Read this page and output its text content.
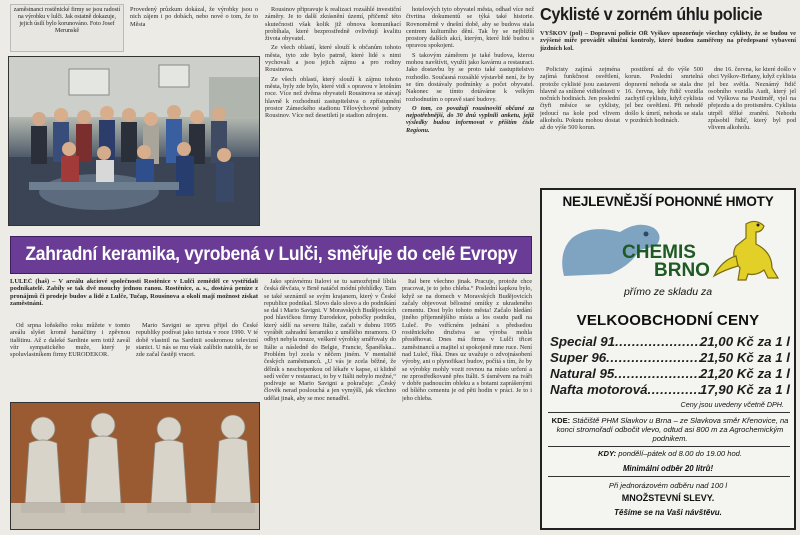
zaměstnanci rostěnické firmy se jsou radostí na výrobku v lulči. Jak ostatně dokazuje, jejich úsilí bylo korunováno. Foto Josef Merunskě
Provedený průzkum dokázal, že výrobky jsou o nich zájem i po dobách, nebo nové o tom, že to Města

Rousinov připravuje k realizaci rozsáhlé investiční záměry. Je to další zkrásnění území, přičemž této skutečnosti však kolik již obnova komunikací probíhala, které bezprostředně ovlivňují kvalitu života obyvatel.

Ze všech oblastí, které slouží k občanům tohoto města, tyto zde bylo patrně, které lidé s nimi vychovali a jsou jejich zájmu a pro rodiny Rousinova.

Ze všech oblastí, který slouží k zájmu tohoto města, byly zde bylo, které vidí s opravou v letošním roce. Více než dvěma obyvateli Rousinova se stávají hlavně k rozhodnutí zastupitelstva o zpřístupnění prostor Zámeckého stadionu Tělovýchovné jednoty Rousinov. Více než desetiletí je stadion zdrojem.

hotelových tyto obyvatel města, odhad více než čtvrtina dokumentů se týká také historie. Rovnoměrně v dnešní době, aby se budova stala centrem kulturního dění. Tak by se nejbližší prostory dalších akcí, kterým, které lidé budou s opravou spokojeni.

S takovým záměrem je také budova, kterou mohou navštívit, využít jako kavárnu a restauraci. Jako dostavbu by se proto také zastupitelstvo rozhodlo. Současná rozsáhlé výstavbě není, že by se tím dostávaly podmínky a počet obyvatel. Nakonec se tímto dotáváme k velkým rozhodnutím o opravě staré budovy.

O tom, co považují rousinovští občané za nejpotřebnější, do 30 dnů vyplnili anketu, jejíž výsledky budou informovat v příštím čísle Regionu.

Zahradní keramika, vyrobená v Lulči, směřuje do celé Evropy
LULEČ (haš) – V areálu akciové společnosti Rostěnice v Lulči zeměděl ce vystřídali podnikatelé. Zabíly se tak dvě mouchy jednou ranou. Rostěnice, a. s., dostává peníze z pronájmů či prodeje budov a lidé z Lulče, Tučap, Rousínova a okolí mají možnost získat zaměstnání.

Od srpna loňského roku můžete v tomto areálu slyšet kromě hanáčtiny i zpěvnou italštinu. Až z daleké Sardinie sem totiž zavál vítr sympatického muže, který je spoluvlastníkem firmy EURODEKOR.

Mario Savigni se zprvu přijel do České republiky podívat jako turista v roce 1990. V té době vlastnil na Sardinii soukromou televizní stanici. U nás se mu však zalíbilo natolik, že se zde začal častěji vracet.

Jako správnému Italovi se tu samozřejmě líbila česká děvčata, v Brně natáčel módní přehlídky. Tam se také seznámil se svým krajanem, který v České republice podnikal. Slovo dalo slovo a do podnikání se dal i Mario Savigni. V Moravských Budějovicích pod hlavičkou firmy Eurodekor, pobočky podniku, který sídlí na severu Itálie, začali v dubnu 1995 vyrábět zahradní keramiku z umělého mramoru. O odbyt nebyla nouze, veškeré výrobky směřovaly do Itálie a následně do Belgie, Francie, Španělska... Problém byl zcela v něčem jiném. V mentalitě českých zaměstnanců. „U vás je zcela běžné, že dělník s neschopenkou od lékaře v kapse, si klidně sedí večer v restauraci, to by v Itálii nebylo možné,“ podivuje se Mario Savigni a pokračuje: „Český člověk nerad poslouchá a jen vymýšlí, jak všechno udělat jinak, aby se moc nenadřel.

Ital bere všechno jinak. Pracuje, protože chce pracovat, je to jeho chleba.“ Poslední kapkou bylo, když se na domech v Moravských Budějovicích začaly objevovat bělostné omítky z ukradeného cementu. Dost bylo tohoto města! Začalo hledání jiného příjemnějšího místa a los osudu padl na Luleč. Po vstřícném jednání s předsedou rostěnického družstva se výroba mohla přestěhovat. Dnes má firma v Lulči třicet zaměstnanců a majitel si spokojeně mne ruce. Není nad Luleč, říká. Dnes uz uvažuje o zdvojnásobení výroby, ani o plynofikaci budov, počítá s tím, že by se výrobky mohly vozit rovnou na místo určení a ne zprostředkovaně přes Itálii. S úsměvem na tváři v dobře padnoucím obleku a s botami zaprášenými od bílého cementu je od pěti hodin v práci. Je to i jeho chleba.

Cyklisté v zorném úhlu policie
VYŠKOV (pol) – Dopravní policie OŘ Vyškov upozorňuje všechny cyklisty, že se budou ve zvýšené míře provádět silniční kontroly, které budou zaměřeny na předepsané vybavení jízdních kol.

Policisty zajímá zejména zajímá funkčnost osvětlení, protože cyklisté jsou zastaveni hlavně za snížené viditelnosti v nočních hodinách. Jen poslední čtyři měsíce se cyklisty, jedoucí na kole pod vlivem alkoholu. Pokutu mohou dostat až do výše 500 korun.

postižení až do výše 500 korun. Poslední smrtelná dopravní nehoda se stala dne 16. června, kdy řidič vozidla zachytil cyklistu, když cyklista jel bez osvětlení. Při nehodě došlo k úmrtí, nehoda se stala v pozdních hodinách.

dne 16. června, ke které došlo v obci Vyškov-Brňany, když cyklista jel bez světla. Neznámý řidič osobního vozidla Audi, který jel od Vyškova na Pustiměř, vjel na přejezdu a do protisměru. Cyklista utrpěl těžké zranění. Nehodu způsobil řidič, který byl pod vlivem alkoholu.

NEJLEVNĚJŠÍ POHONNÉ HMOTY
CHEMIS
BRNO
přímo ze skladu za
VELKOOBCHODNÍ CENY
Special 91 .....	21,00 Kč za 1 l
Super 96 .....	21,50 Kč za 1 l
Natural 95 .....	21,20 Kč za 1 l
Nafta motorová .....	17,90 Kč za 1 l
Ceny jsou uvedeny včetně DPH.
KDE: Stáčiště PHM Slavkov u Brna – ze Slavkova směr Křenovice, na konci stromořadí odbočit vlevo, odtud asi 800 m za Agrochemickým podnikem.
KDY: pondělí–pátek od 8.00 do 19.00 hod.
Minimální odběr 20 litrů!
Při jednorázovém odběru nad 100 l
MNOŽSTEVNÍ SLEVY.
Těšíme se na Vaši návštěvu.
